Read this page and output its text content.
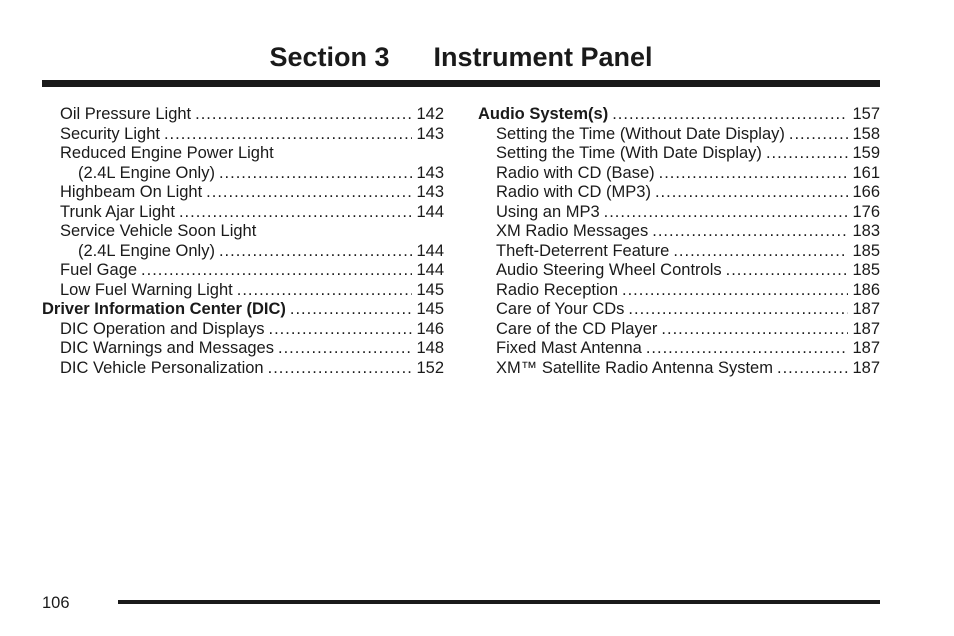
Section 3 Instrument Panel
Oil Pressure Light .....	142
Security Light .....	143
Reduced Engine Power Light
(2.4L Engine Only) .....	143
Highbeam On Light .....	143
Trunk Ajar Light .....	144
Service Vehicle Soon Light
(2.4L Engine Only) .....	144
Fuel Gage .....	144
Low Fuel Warning Light .....	145
Driver Information Center (DIC) .....	145
DIC Operation and Displays .....	146
DIC Warnings and Messages .....	148
DIC Vehicle Personalization .....	152
Audio System(s) .....	157
Setting the Time (Without Date Display) .....	158
Setting the Time (With Date Display) .....	159
Radio with CD (Base) .....	161
Radio with CD (MP3) .....	166
Using an MP3 .....	176
XM Radio Messages .....	183
Theft-Deterrent Feature .....	185
Audio Steering Wheel Controls .....	185
Radio Reception .....	186
Care of Your CDs .....	187
Care of the CD Player .....	187
Fixed Mast Antenna .....	187
XM™ Satellite Radio Antenna System .....	187
106
